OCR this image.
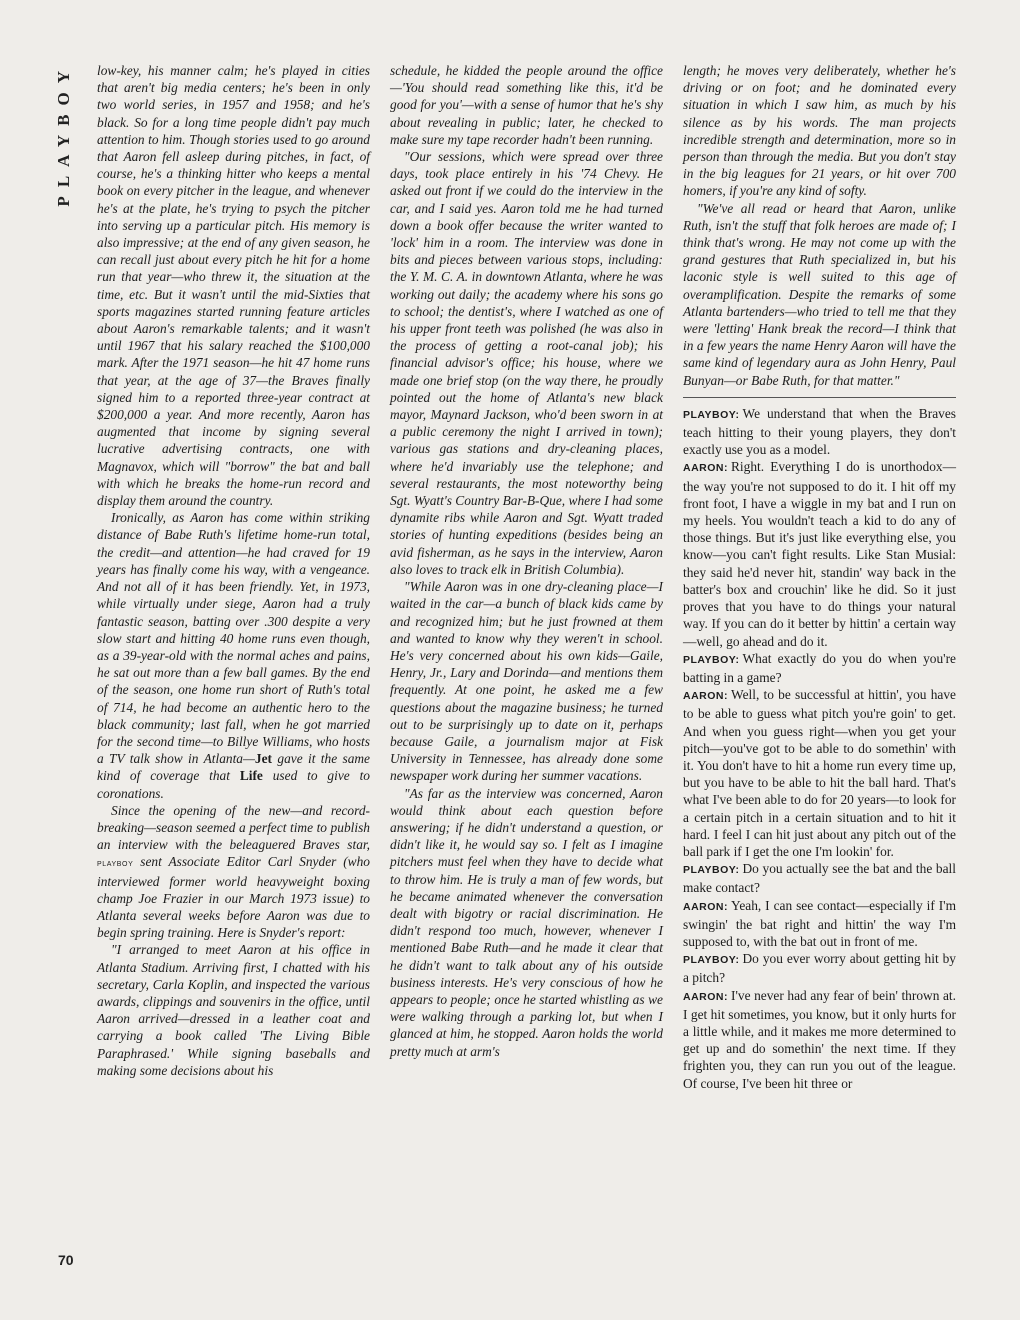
PLAYBOY	low-key, his manner calm; he's played in cities that aren't big media centers; he's been in only two world series, in 1957 and 1958; and he's black. So for a long time people didn't pay much attention to him. Though stories used to go around that Aaron fell asleep during pitches, in fact, of course, he's a thinking hitter who keeps a mental book on every pitcher in the league, and whenever he's at the plate, he's trying to psych the pitcher into serving up a particular pitch. His memory is also impressive; at the end of any given season, he can recall just about every pitch he hit for a home run that year—who threw it, the situation at the time, etc. But it wasn't until the mid-Sixties that sports magazines started running feature articles about Aaron's remarkable talents; and it wasn't until 1967 that his salary reached the $100,000 mark. After the 1971 season—he hit 47 home runs that year, at the age of 37—the Braves finally signed him to a reported three-year contract at $200,000 a year. And more recently, Aaron has augmented that income by signing several lucrative advertising contracts, one with Magnavox, which will "borrow" the bat and ball with which he breaks the home-run record and display them around the country.

Ironically, as Aaron has come within striking distance of Babe Ruth's lifetime home-run total, the credit—and attention—he had craved for 19 years has finally come his way, with a vengeance. And not all of it has been friendly. Yet, in 1973, while virtually under siege, Aaron had a truly fantastic season, batting over .300 despite a very slow start and hitting 40 home runs even though, as a 39-year-old with the normal aches and pains, he sat out more than a few ball games. By the end of the season, one home run short of Ruth's total of 714, he had become an authentic hero to the black community; last fall, when he got married for the second time—to Billye Williams, who hosts a TV talk show in Atlanta—Jet gave it the same kind of coverage that Life used to give to coronations.

Since the opening of the new—and record-breaking—season seemed a perfect time to publish an interview with the beleaguered Braves star, playboy sent Associate Editor Carl Snyder (who interviewed former world heavyweight boxing champ Joe Frazier in our March 1973 issue) to Atlanta several weeks before Aaron was due to begin spring training. Here is Snyder's report:

"I arranged to meet Aaron at his office in Atlanta Stadium. Arriving first, I chatted with his secretary, Carla Koplin, and inspected the various awards, clippings and souvenirs in the office, until Aaron arrived—dressed in a leather coat and carrying a book called 'The Living Bible Paraphrased.' While signing baseballs and making some decisions about his

schedule, he kidded the people around the office—'You should read something like this, it'd be good for you'—with a sense of humor that he's shy about revealing in public; later, he checked to make sure my tape recorder hadn't been running.

"Our sessions, which were spread over three days, took place entirely in his '74 Chevy. He asked out front if we could do the interview in the car, and I said yes. Aaron told me he had turned down a book offer because the writer wanted to 'lock' him in a room. The interview was done in bits and pieces between various stops, including: the Y. M. C. A. in downtown Atlanta, where he was working out daily; the academy where his sons go to school; the dentist's, where I watched as one of his upper front teeth was polished (he was also in the process of getting a root-canal job); his financial advisor's office; his house, where we made one brief stop (on the way there, he proudly pointed out the home of Atlanta's new black mayor, Maynard Jackson, who'd been sworn in at a public ceremony the night I arrived in town); various gas stations and dry-cleaning places, where he'd invariably use the telephone; and several restaurants, the most noteworthy being Sgt. Wyatt's Country Bar-B-Que, where I had some dynamite ribs while Aaron and Sgt. Wyatt traded stories of hunting expeditions (besides being an avid fisherman, as he says in the interview, Aaron also loves to track elk in British Columbia).

"While Aaron was in one dry-cleaning place—I waited in the car—a bunch of black kids came by and recognized him; but he just frowned at them and wanted to know why they weren't in school. He's very concerned about his own kids—Gaile, Henry, Jr., Lary and Dorinda—and mentions them frequently. At one point, he asked me a few questions about the magazine business; he turned out to be surprisingly up to date on it, perhaps because Gaile, a journalism major at Fisk University in Tennessee, has already done some newspaper work during her summer vacations.

"As far as the interview was concerned, Aaron would think about each question before answering; if he didn't understand a question, or didn't like it, he would say so. I felt as I imagine pitchers must feel when they have to decide what to throw him. He is truly a man of few words, but he became animated whenever the conversation dealt with bigotry or racial discrimination. He didn't respond too much, however, whenever I mentioned Babe Ruth—and he made it clear that he didn't want to talk about any of his outside business interests. He's very conscious of how he appears to people; once he started whistling as we were walking through a parking lot, but when I glanced at him, he stopped. Aaron holds the world pretty much at arm's

length; he moves very deliberately, whether he's driving or on foot; and he dominated every situation in which I saw him, as much by his silence as by his words. The man projects incredible strength and determination, more so in person than through the media. But you don't stay in the big leagues for 21 years, or hit over 700 homers, if you're any kind of softy.

"We've all read or heard that Aaron, unlike Ruth, isn't the stuff that folk heroes are made of; I think that's wrong. He may not come up with the grand gestures that Ruth specialized in, but his laconic style is well suited to this age of overamplification. Despite the remarks of some Atlanta bartenders—who tried to tell me that they were 'letting' Hank break the record—I think that in a few years the name Henry Aaron will have the same kind of legendary aura as John Henry, Paul Bunyan—or Babe Ruth, for that matter."

PLAYBOY: We understand that when the Braves teach hitting to their young players, they don't exactly use you as a model.

AARON: Right. Everything I do is unorthodox—the way you're not supposed to do it. I hit off my front foot, I have a wiggle in my bat and I run on my heels. You wouldn't teach a kid to do any of those things. But it's just like everything else, you know—you can't fight results. Like Stan Musial: they said he'd never hit, standin' way back in the batter's box and crouchin' like he did. So it just proves that you have to do things your natural way. If you can do it better by hittin' a certain way—well, go ahead and do it.

PLAYBOY: What exactly do you do when you're batting in a game?

AARON: Well, to be successful at hittin', you have to be able to guess what pitch you're goin' to get. And when you guess right—when you get your pitch—you've got to be able to do somethin' with it. You don't have to hit a home run every time up, but you have to be able to hit the ball hard. That's what I've been able to do for 20 years—to look for a certain pitch in a certain situation and to hit it hard. I feel I can hit just about any pitch out of the ball park if I get the one I'm lookin' for.

PLAYBOY: Do you actually see the bat and the ball make contact?

AARON: Yeah, I can see contact—especially if I'm swingin' the bat right and hittin' the way I'm supposed to, with the bat out in front of me.

PLAYBOY: Do you ever worry about getting hit by a pitch?

AARON: I've never had any fear of bein' thrown at. I get hit sometimes, you know, but it only hurts for a little while, and it makes me more determined to get up and do somethin' the next time. If they frighten you, they can run you out of the league. Of course, I've been hit three or

70
